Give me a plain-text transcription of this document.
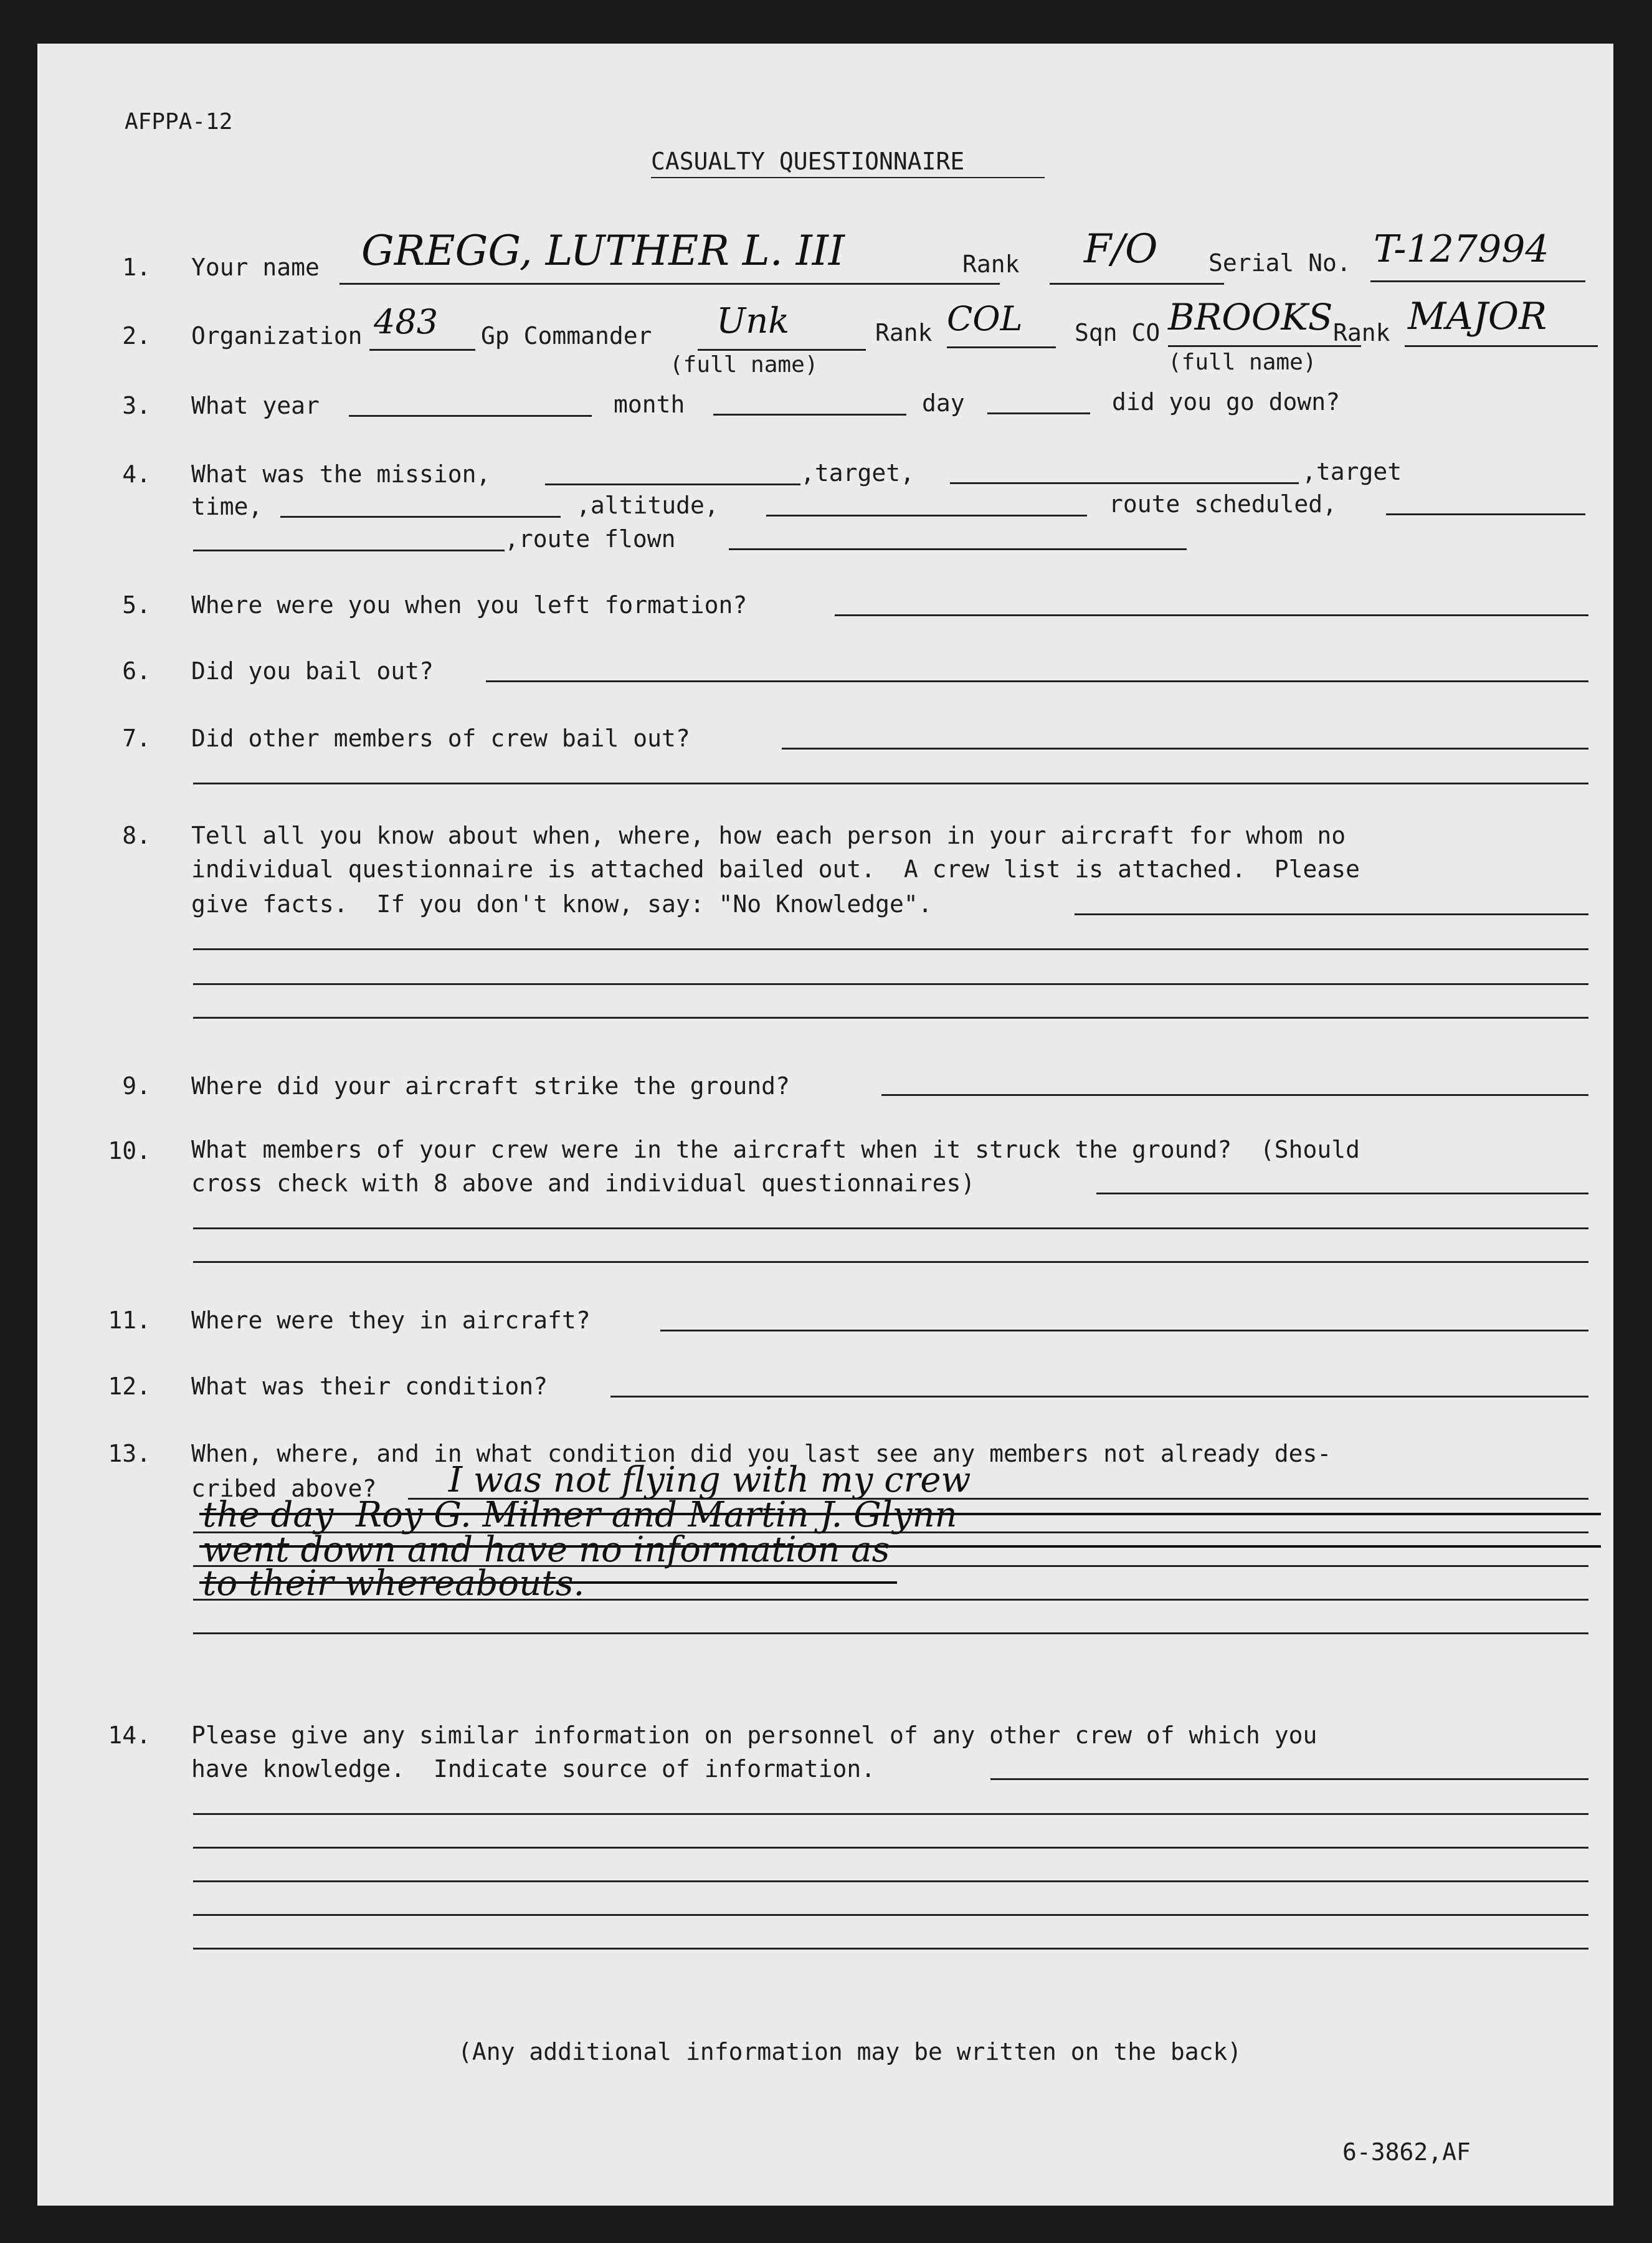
AFPPA-12
CASUALTY QUESTIONNAIRE
1. Your name GREGG, LUTHER L. III	Rank F/O Serial No. T-127994
2. Organization 483 Gp Commander Unk	Rank COL Sqn CO BROOKS Rank MAJOR
(full name)	(full name)
3. What year	month	day	did you go down?
4. What was the mission,	,target,	,target
time,	,altitude,	route scheduled,
,route flown
5. Where were you when you left formation?
6. Did you bail out?
7. Did other members of crew bail out?
8. Tell all you know about when, where, how each person in your aircraft for whom no
individual questionnaire is attached bailed out.  A crew list is attached.  Please
give facts.  If you don't know, say: "No Knowledge".
9. Where did your aircraft strike the ground?
10. What members of your crew were in the aircraft when it struck the ground?  (Should
cross check with 8 above and individual questionnaires)
11. Where were they in aircraft?
12. What was their condition?
13. When, where, and in what condition did you last see any members not already des-
cribed above? I was not flying with my crew
the day  Roy G. Milner and Martin J. Glynn
went down and have no information as
to their whereabouts.
14. Please give any similar information on personnel of any other crew of which you
have knowledge.  Indicate source of information.
(Any additional information may be written on the back)
6-3862,AF
